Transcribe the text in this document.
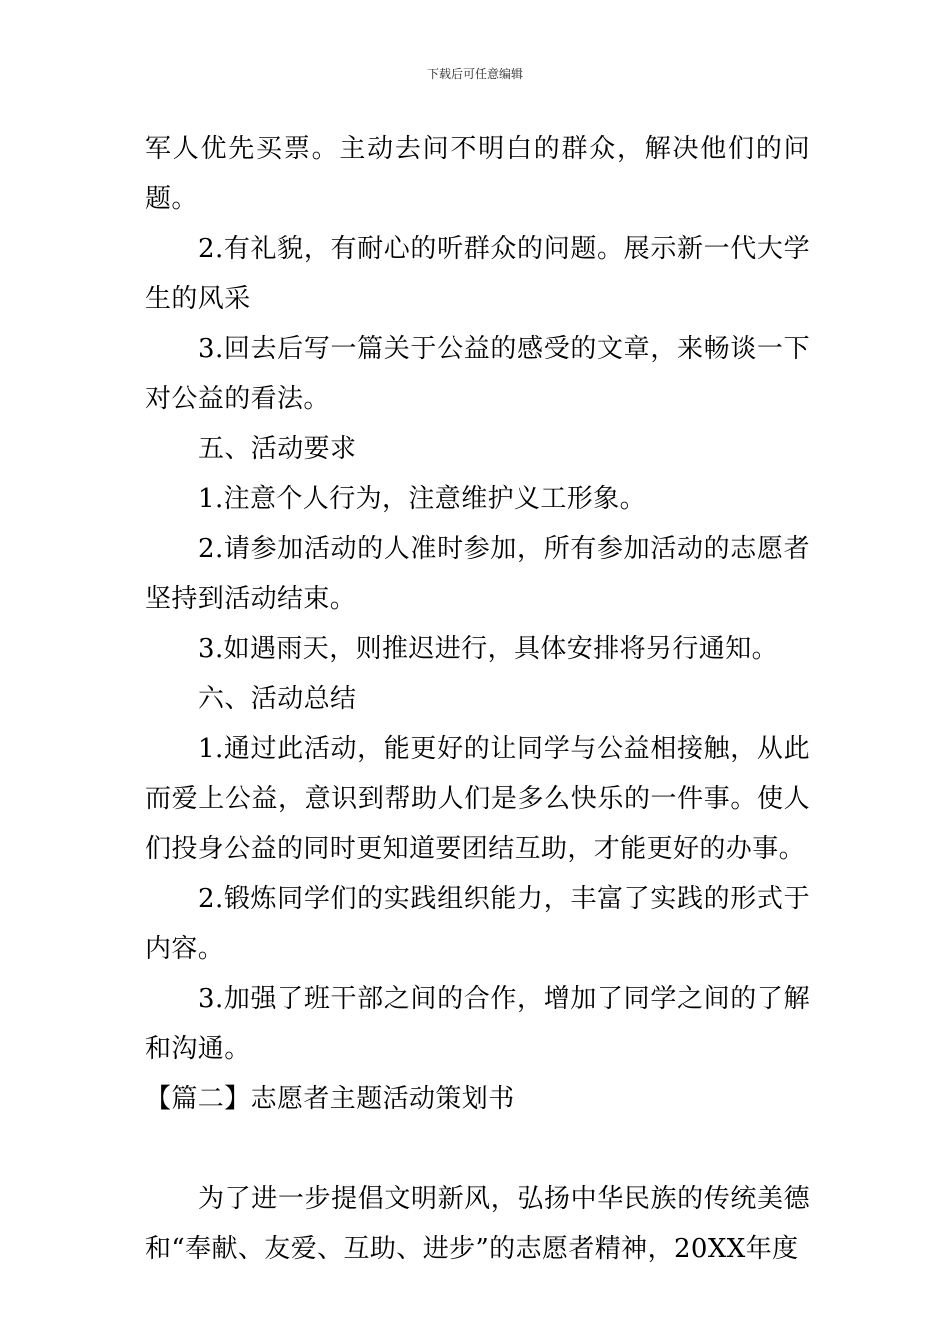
下载后可任意编辑

军人优先买票。主动去问不明白的群众，解决他们的问题。

2.有礼貌，有耐心的听群众的问题。展示新一代大学生的风采

3.回去后写一篇关于公益的感受的文章，来畅谈一下对公益的看法。

五、活动要求

1.注意个人行为，注意维护义工形象。

2.请参加活动的人准时参加，所有参加活动的志愿者坚持到活动结束。

3.如遇雨天，则推迟进行，具体安排将另行通知。

六、活动总结

1.通过此活动，能更好的让同学与公益相接触，从此而爱上公益，意识到帮助人们是多么快乐的一件事。使人们投身公益的同时更知道要团结互助，才能更好的办事。

2.锻炼同学们的实践组织能力，丰富了实践的形式于内容。

3.加强了班干部之间的合作，增加了同学之间的了解和沟通。

【篇二】志愿者主题活动策划书

为了进一步提倡文明新风，弘扬中华民族的传统美德和“奉献、友爱、互助、进步”的志愿者精神，20XX年度
